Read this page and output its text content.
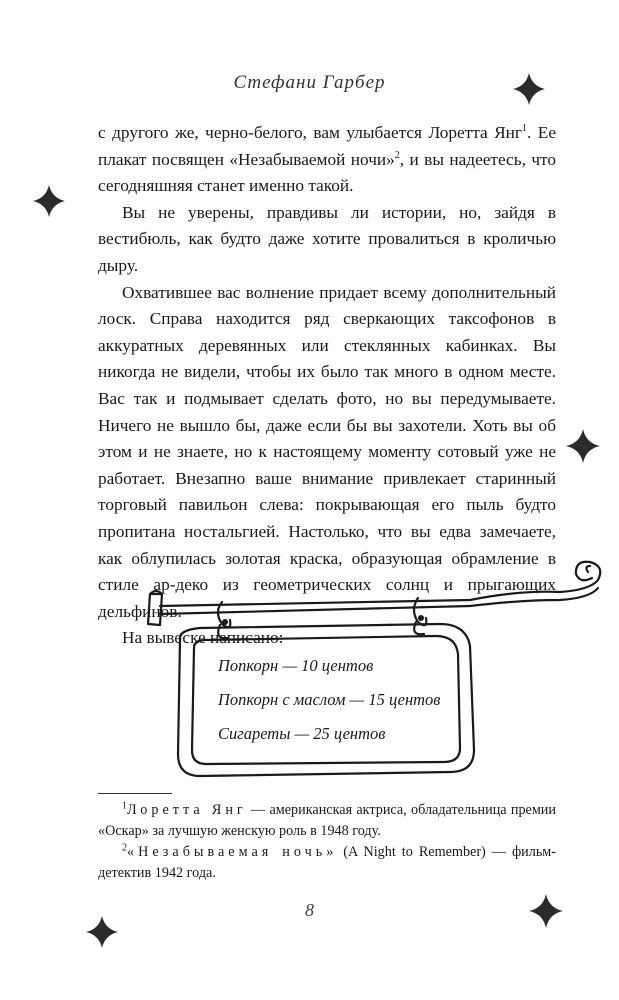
Стефани Гарбер

с другого же, черно-белого, вам улыбается Лоретта Янг$^1$. Ее плакат посвящен «Незабываемой ночи»$^2$, и вы надеетесь, что сегодняшняя станет именно такой.

Вы не уверены, правдивы ли истории, но, зайдя в вестибюль, как будто даже хотите провалиться в кроличью дыру.

Охватившее вас волнение придает всему дополнительный лоск. Справа находится ряд сверкающих таксофонов в аккуратных деревянных или стеклянных кабинках. Вы никогда не видели, чтобы их было так много в одном месте. Вас так и подмывает сделать фото, но вы передумываете. Ничего не вышло бы, даже если бы вы захотели. Хоть вы об этом и не знаете, но к настоящему моменту сотовый уже не работает. Внезапно ваше внимание привлекает старинный торговый павильон слева: покрывающая его пыль будто пропитана ностальгией. Настолько, что вы едва замечаете, как облупилась золотая краска, образующая обрамление в стиле ар-деко из геометрических солнц и прыгающих дельфинов.

На вывеске написано:

Попкорн — 10 центов
Попкорн с маслом — 15 центов
Сигареты — 25 центов

$^1$Лоретта Янг — американская актриса, обладательница премии «Оскар» за лучшую женскую роль в 1948 году.

$^2$«Незабываемая ночь» (A Night to Remember) — фильм-детектив 1942 года.

8
